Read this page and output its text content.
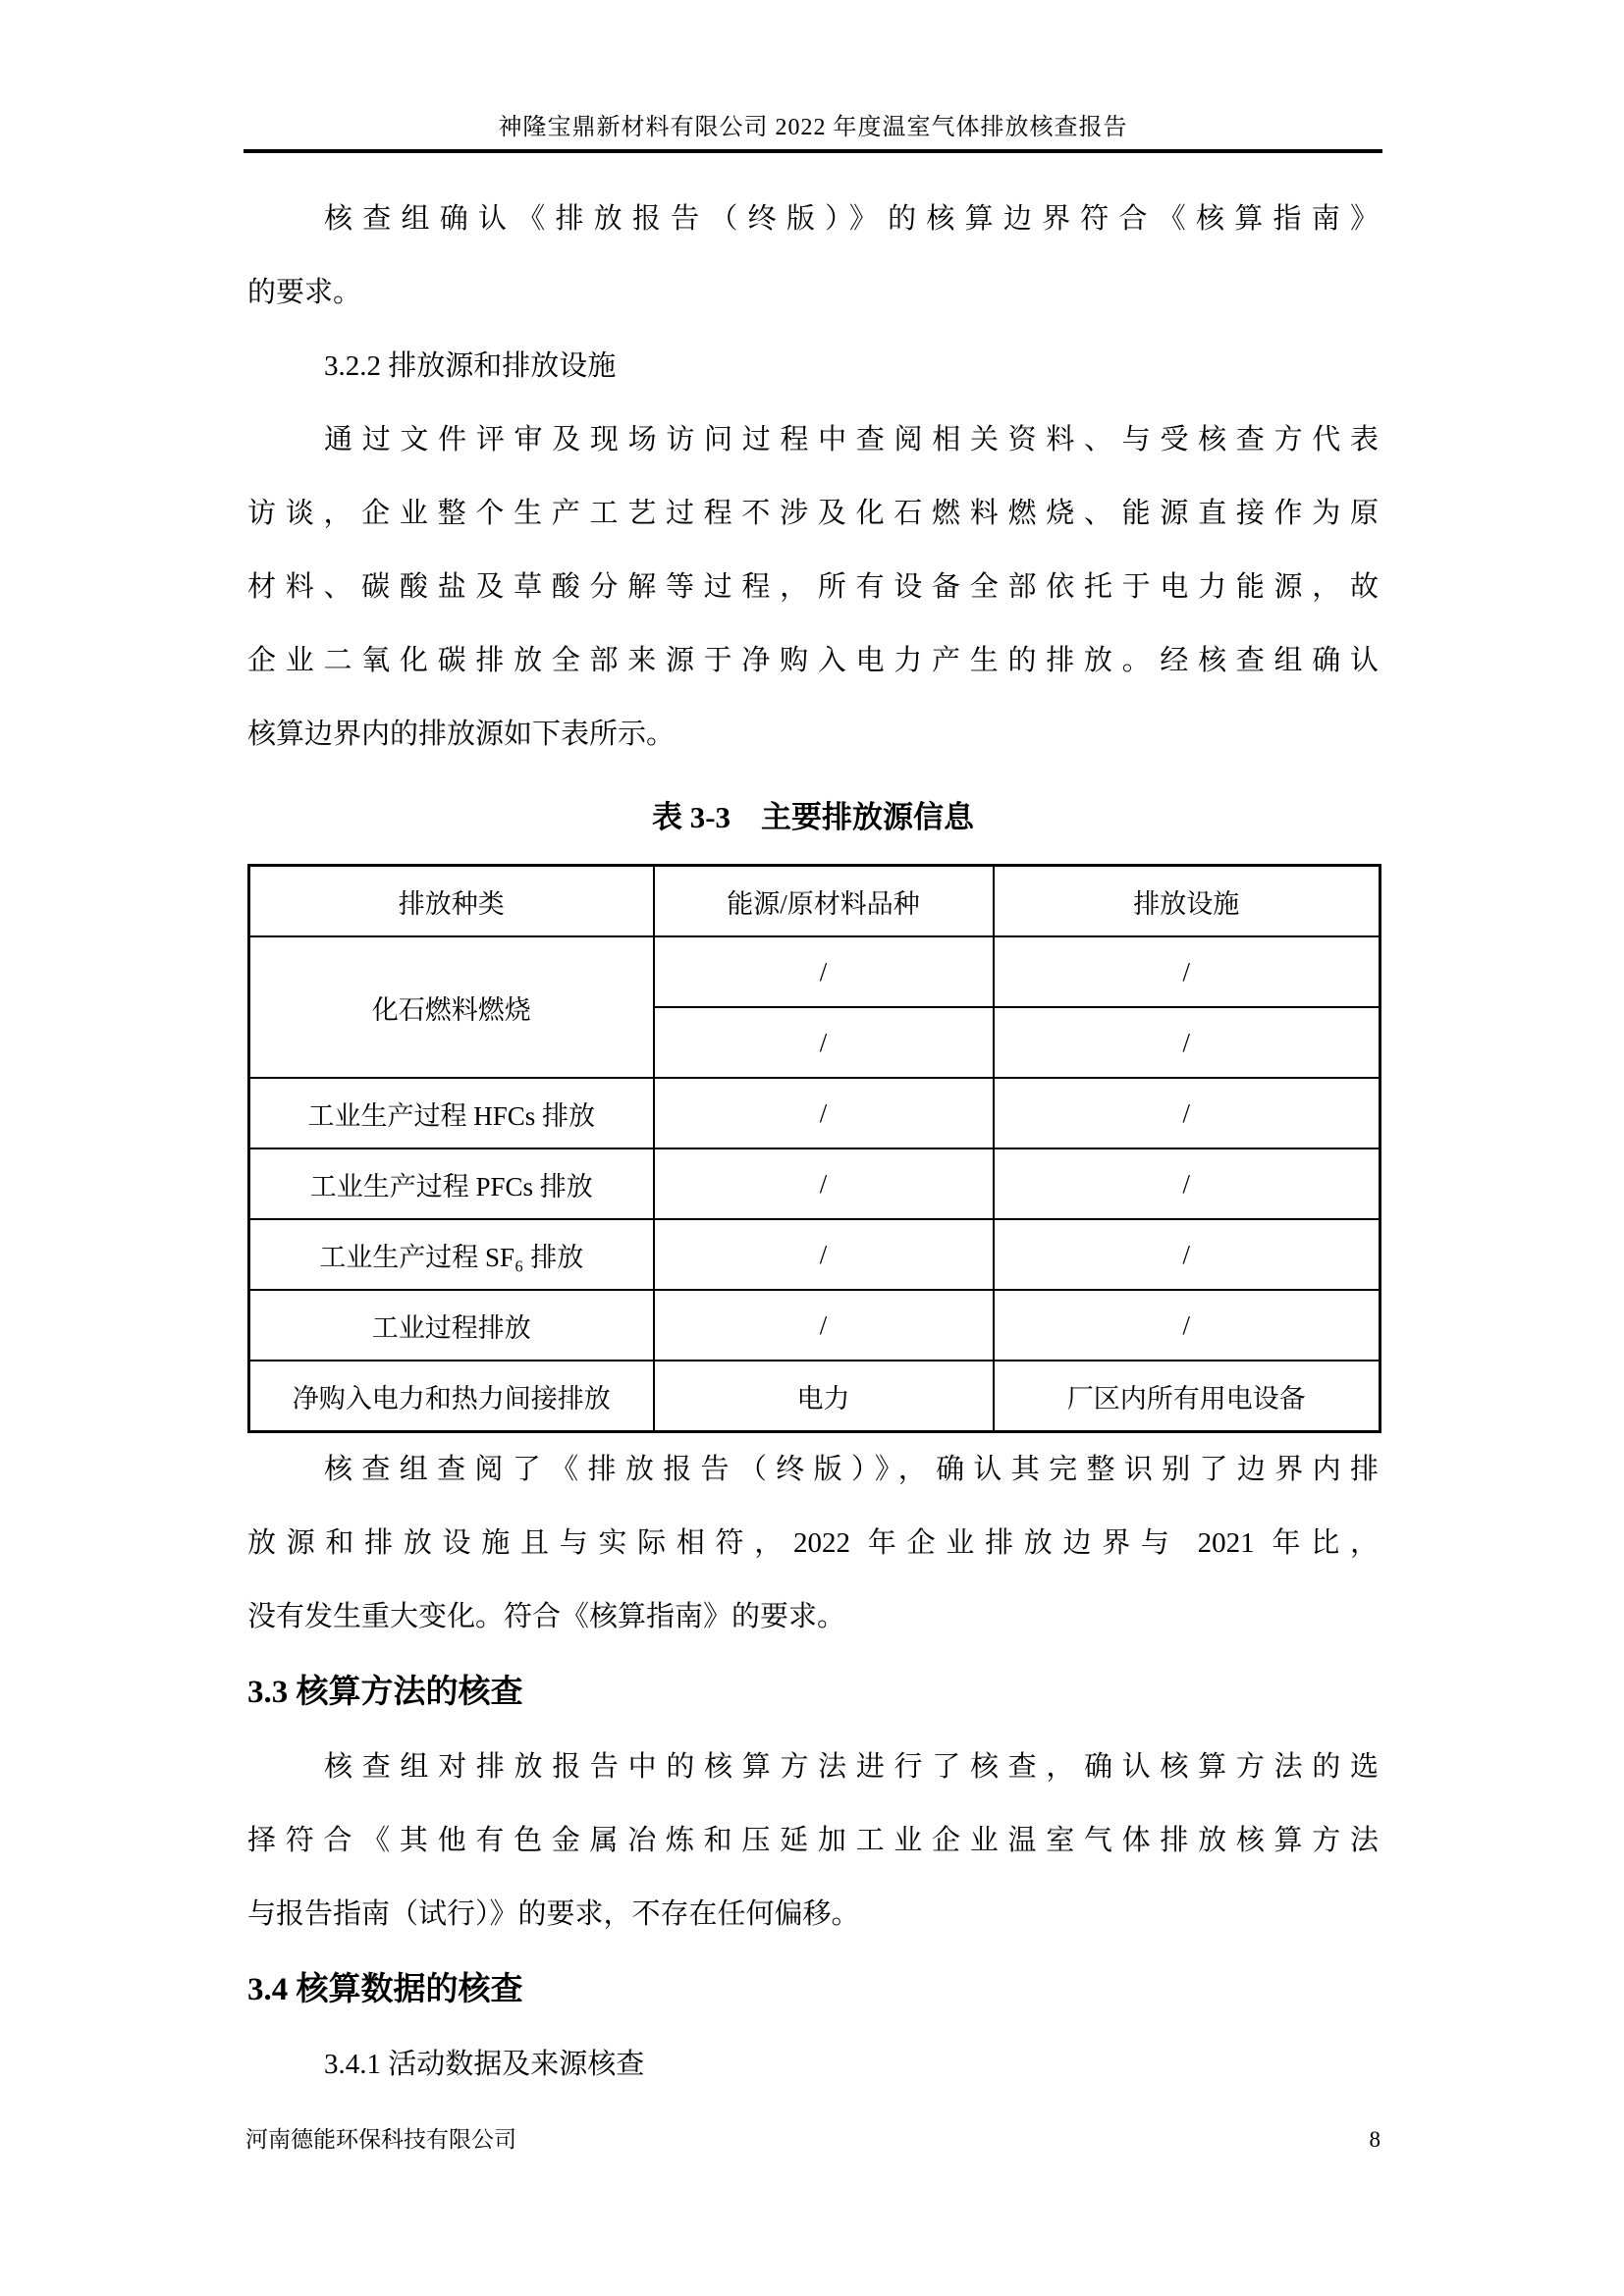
神隆宝鼎新材料有限公司 2022 年度温室气体排放核查报告
核查组确认《排放报告（终版）》的核算边界符合《核算指南》
的要求。
3.2.2 排放源和排放设施
通过文件评审及现场访问过程中查阅相关资料、与受核查方代表
访谈，企业整个生产工艺过程不涉及化石燃料燃烧、能源直接作为原
材料、碳酸盐及草酸分解等过程，所有设备全部依托于电力能源，故
企业二氧化碳排放全部来源于净购入电力产生的排放。经核查组确认
核算边界内的排放源如下表所示。
表 3-3　主要排放源信息
排放种类	能源/原材料品种	排放设施
化石燃料燃烧	/	/
	/	/
工业生产过程 HFCs 排放	/	/
工业生产过程 PFCs 排放	/	/
工业生产过程 SF₆ 排放	/	/
工业过程排放	/	/
净购入电力和热力间接排放	电力	厂区内所有用电设备
核查组查阅了《排放报告（终版）》，确认其完整识别了边界内排
放源和排放设施且与实际相符，2022 年企业排放边界与 2021 年比，
没有发生重大变化。符合《核算指南》的要求。
3.3 核算方法的核查
核查组对排放报告中的核算方法进行了核查，确认核算方法的选
择符合《其他有色金属冶炼和压延加工业企业温室气体排放核算方法
与报告指南（试行）》的要求，不存在任何偏移。
3.4 核算数据的核查
3.4.1 活动数据及来源核查
河南德能环保科技有限公司	8
